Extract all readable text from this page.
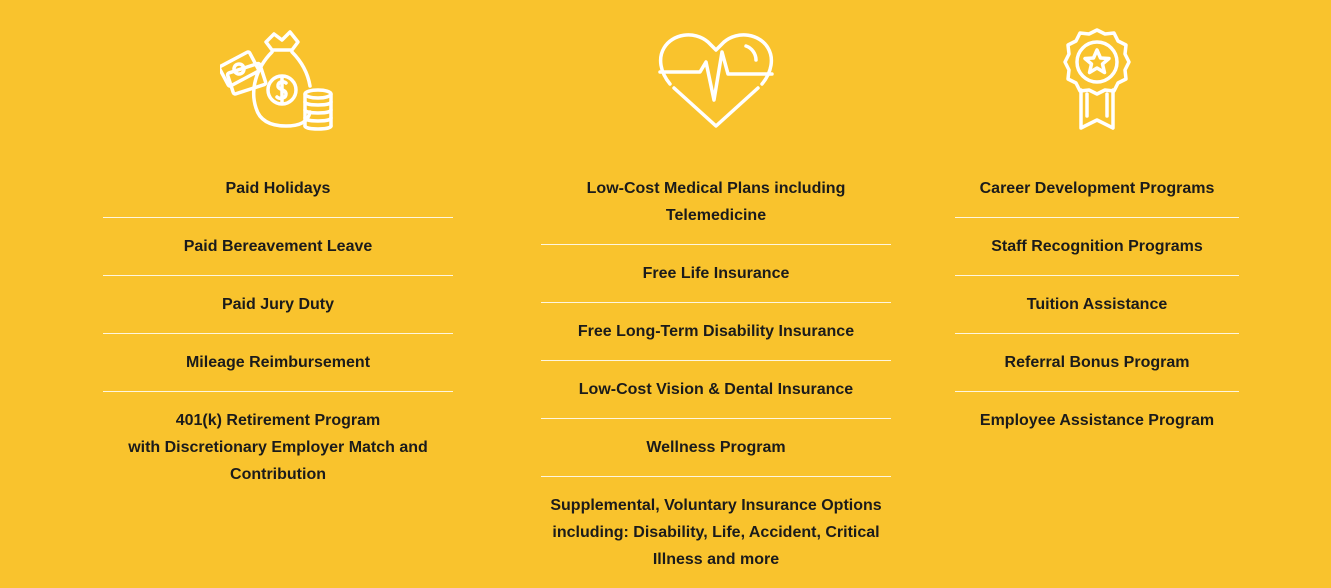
Paid Holidays
Paid Bereavement Leave
Paid Jury Duty
Mileage Reimbursement
401(k) Retirement Program
with Discretionary Employer Match and Contribution
Low-Cost Medical Plans including Telemedicine
Free Life Insurance
Free Long-Term Disability Insurance
Low-Cost Vision & Dental Insurance
Wellness Program
Supplemental, Voluntary Insurance Options including: Disability, Life, Accident, Critical Illness and more
Career Development Programs
Staff Recognition Programs
Tuition Assistance
Referral Bonus Program
Employee Assistance Program
